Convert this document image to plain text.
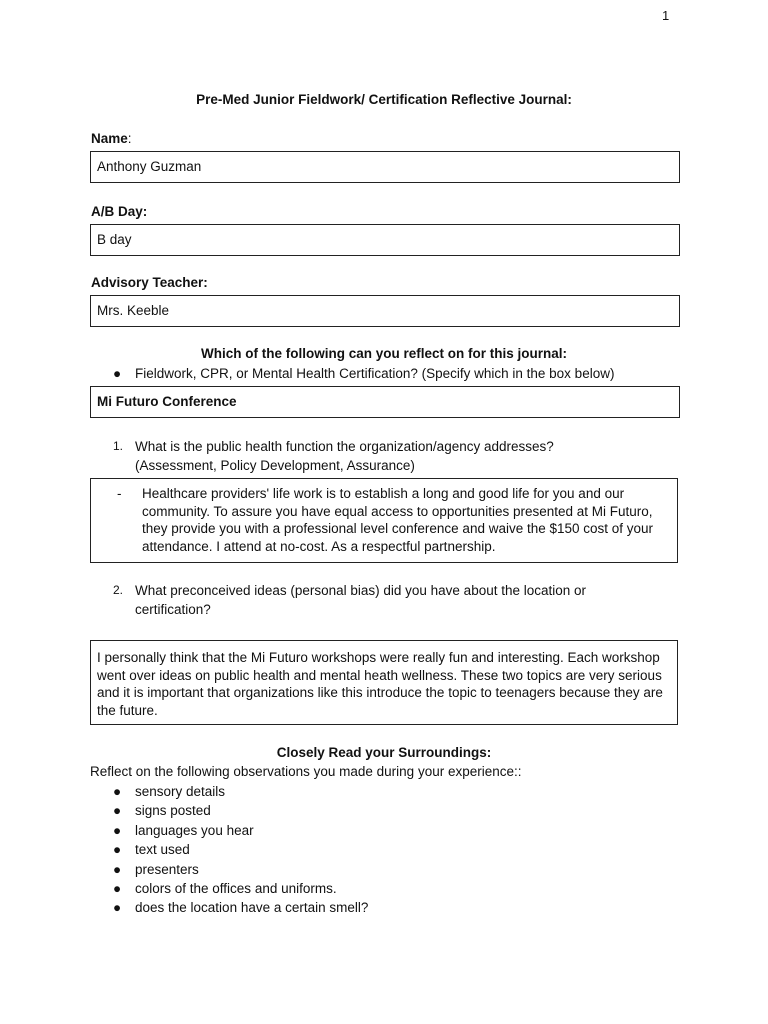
1
Pre-Med Junior Fieldwork/ Certification Reflective Journal:
Name:
Anthony Guzman
A/B Day:
B day
Advisory Teacher:
Mrs. Keeble
Which of the following can you reflect on for this journal:
●	Fieldwork, CPR, or Mental Health Certification? (Specify which in the box below)
Mi Futuro Conference
1. What is the public health function the organization/agency addresses? (Assessment, Policy Development, Assurance)
-	Healthcare providers' life work is to establish a long and good life for you and our community. To assure you have equal access to opportunities presented at Mi Futuro, they provide you with a professional level conference and waive the $150 cost of your attendance. I attend at no-cost. As a respectful partnership.
2. What preconceived ideas (personal bias) did you have about the location or certification?
I personally think that the Mi Futuro workshops were really fun and interesting. Each workshop went over ideas on public health and mental heath wellness. These two topics are very serious and it is important that organizations like this introduce the topic to teenagers because they are the future.
Closely Read your Surroundings:
Reflect on the following observations you made during your experience::
●	sensory details
●	signs posted
●	languages you hear
●	text used
●	presenters
●	colors of the offices and uniforms.
●	does the location have a certain smell?
